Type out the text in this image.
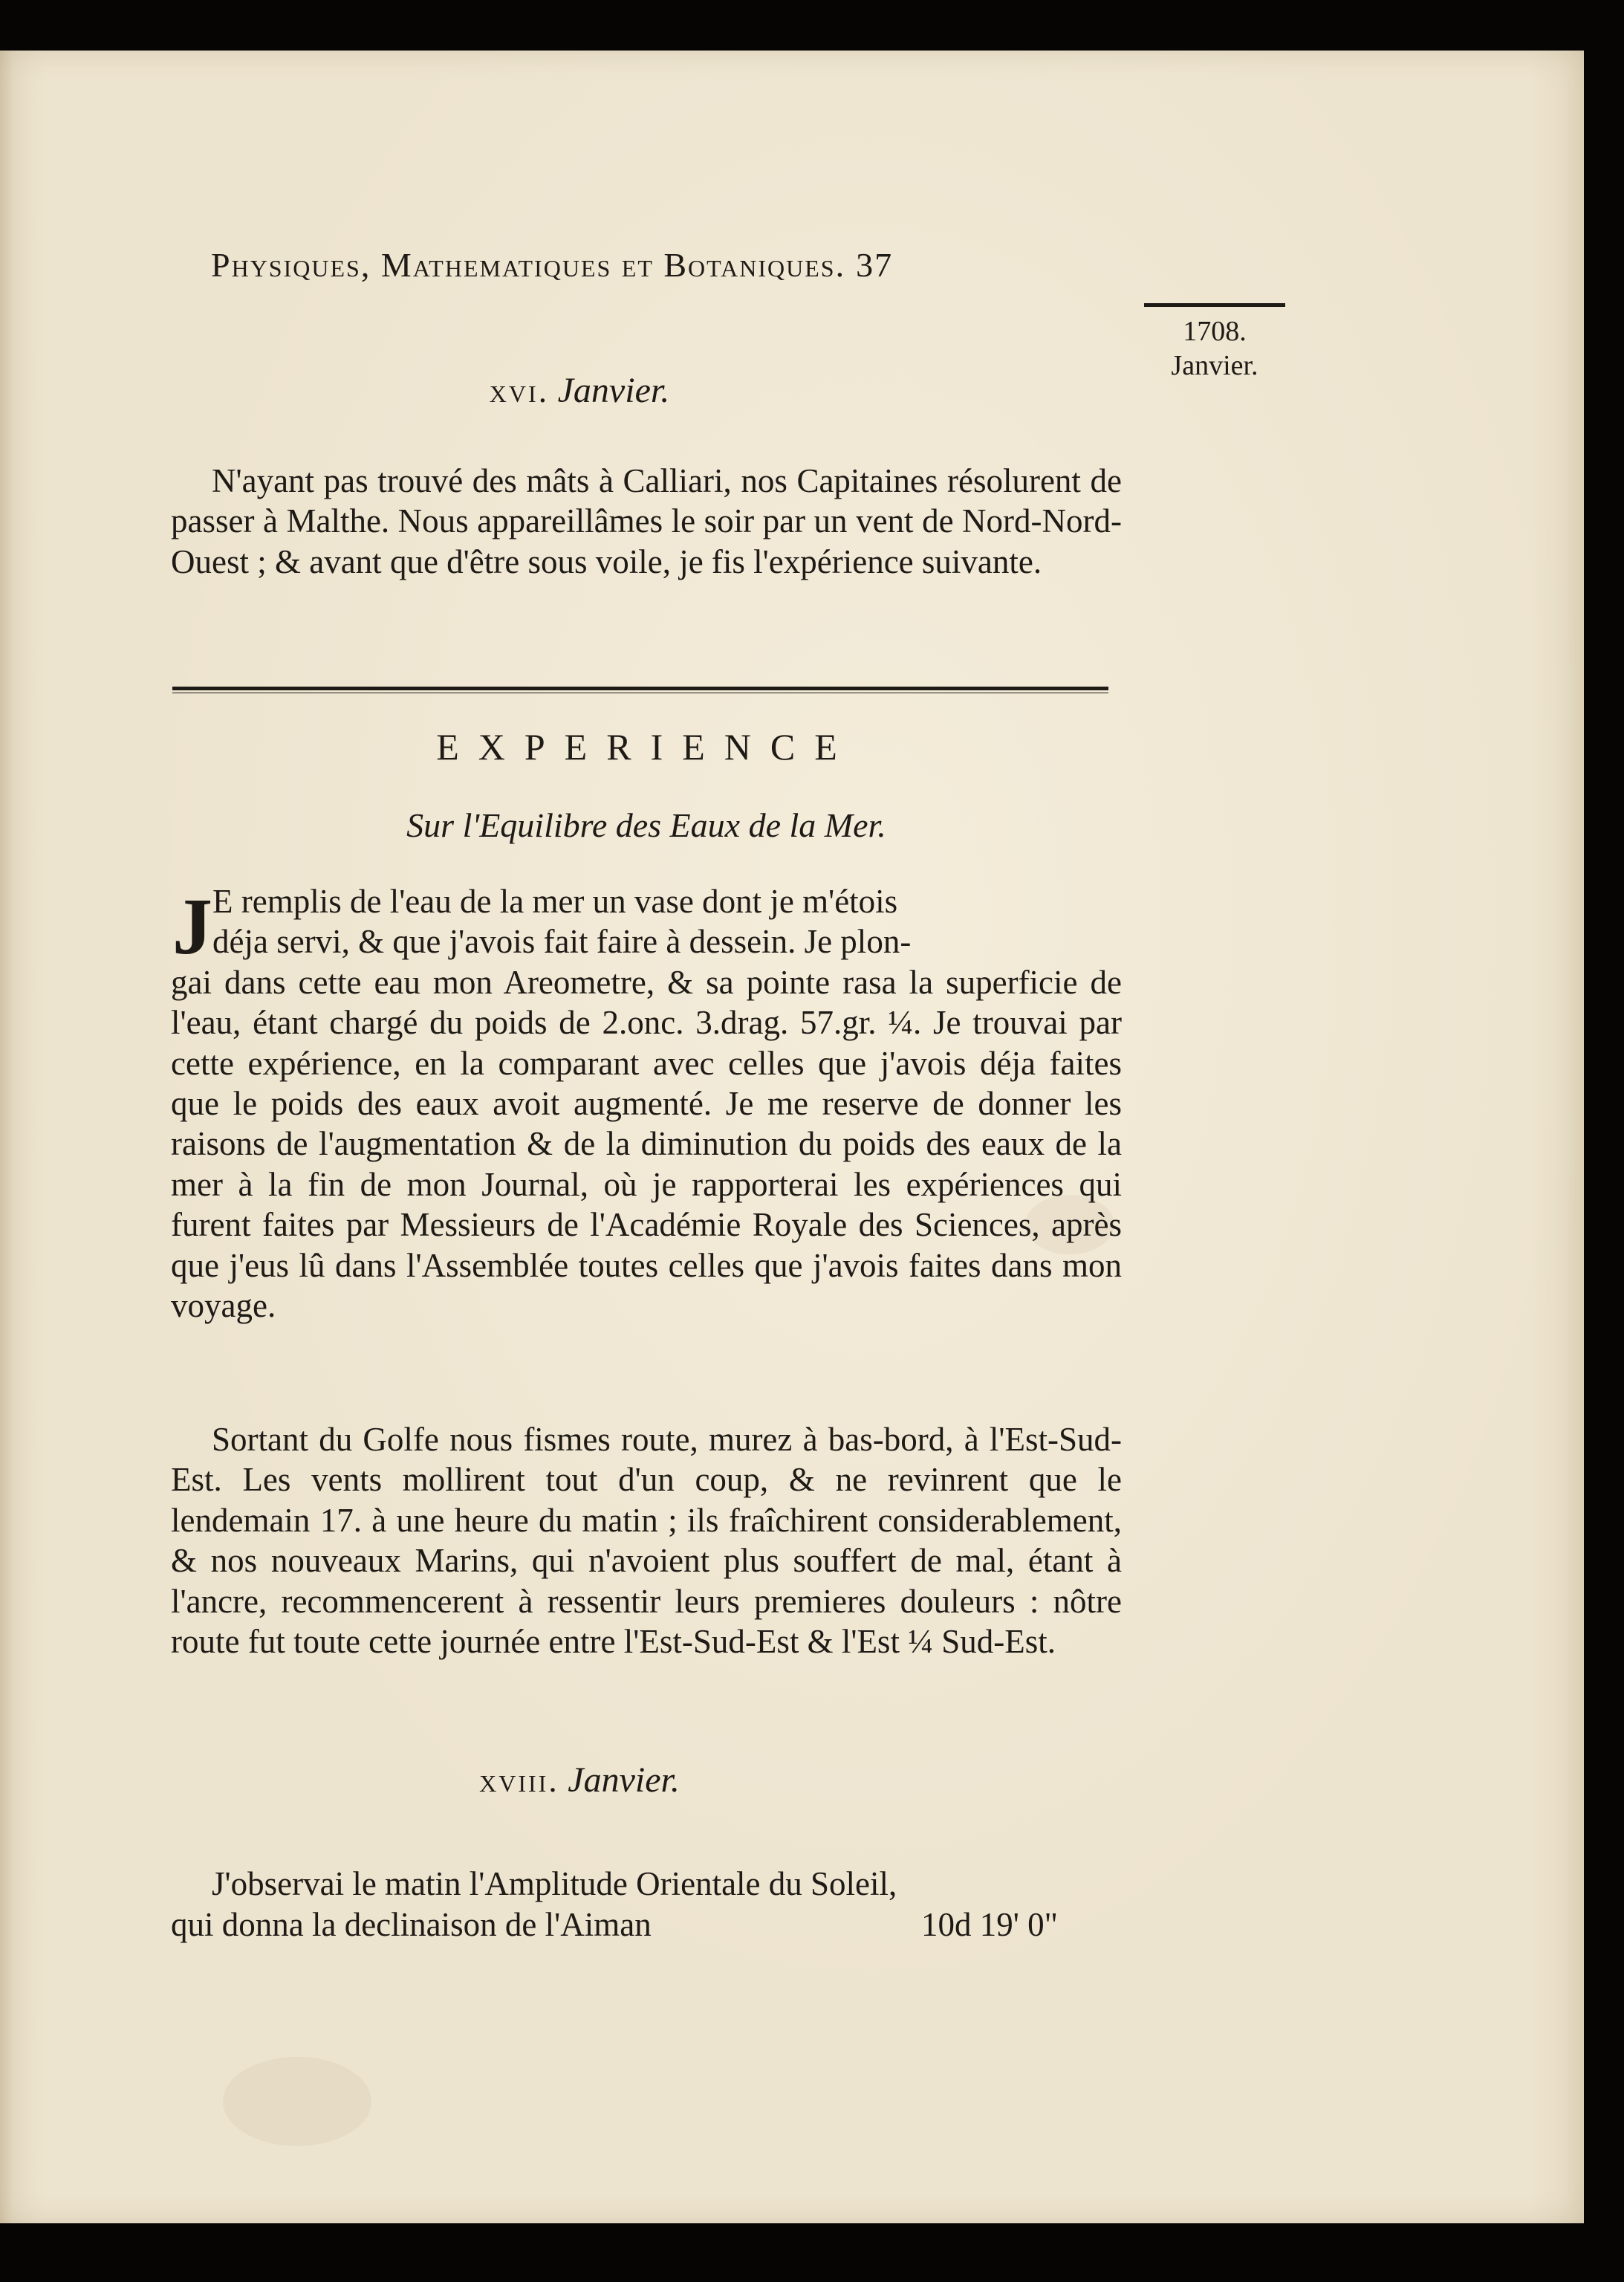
Physiques, Mathematiques et Botaniques. 37
1708.
Janvier.
xvi. Janvier.

N'ayant pas trouvé des mâts à Calliari, nos Capitaines résolurent de passer à Malthe. Nous appareillâmes le soir par un vent de Nord-Nord-Ouest ; & avant que d'être sous voile, je fis l'expérience suivante.

EXPERIENCE
Sur l'Equilibre des Eaux de la Mer.
J E remplis de l'eau de la mer un vase dont je m'étois
déja servi, & que j'avois fait faire à dessein. Je plon-
gai dans cette eau mon Areometre, & sa pointe rasa la superficie de l'eau, étant chargé du poids de 2.onc. 3.drag. 57.gr. ¼. Je trouvai par cette expérience, en la comparant avec celles que j'avois déja faites que le poids des eaux avoit augmenté. Je me reserve de donner les raisons de l'augmentation & de la diminution du poids des eaux de la mer à la fin de mon Journal, où je rapporterai les expériences qui furent faites par Messieurs de l'Académie Royale des Sciences, après que j'eus lû dans l'Assemblée toutes celles que j'avois faites dans mon voyage.

Sortant du Golfe nous fismes route, murez à bas-bord, à l'Est-Sud-Est. Les vents mollirent tout d'un coup, & ne revinrent que le lendemain 17. à une heure du matin ; ils fraîchirent considerablement, & nos nouveaux Marins, qui n'avoient plus souffert de mal, étant à l'ancre, recommencerent à ressentir leurs premieres douleurs : nôtre route fut toute cette journée entre l'Est-Sud-Est & l'Est ¼ Sud-Est.

xviii. Janvier.

J'observai le matin l'Amplitude Orientale du Soleil,

qui donna la declinaison de l'Aiman	10d 19' 0"
